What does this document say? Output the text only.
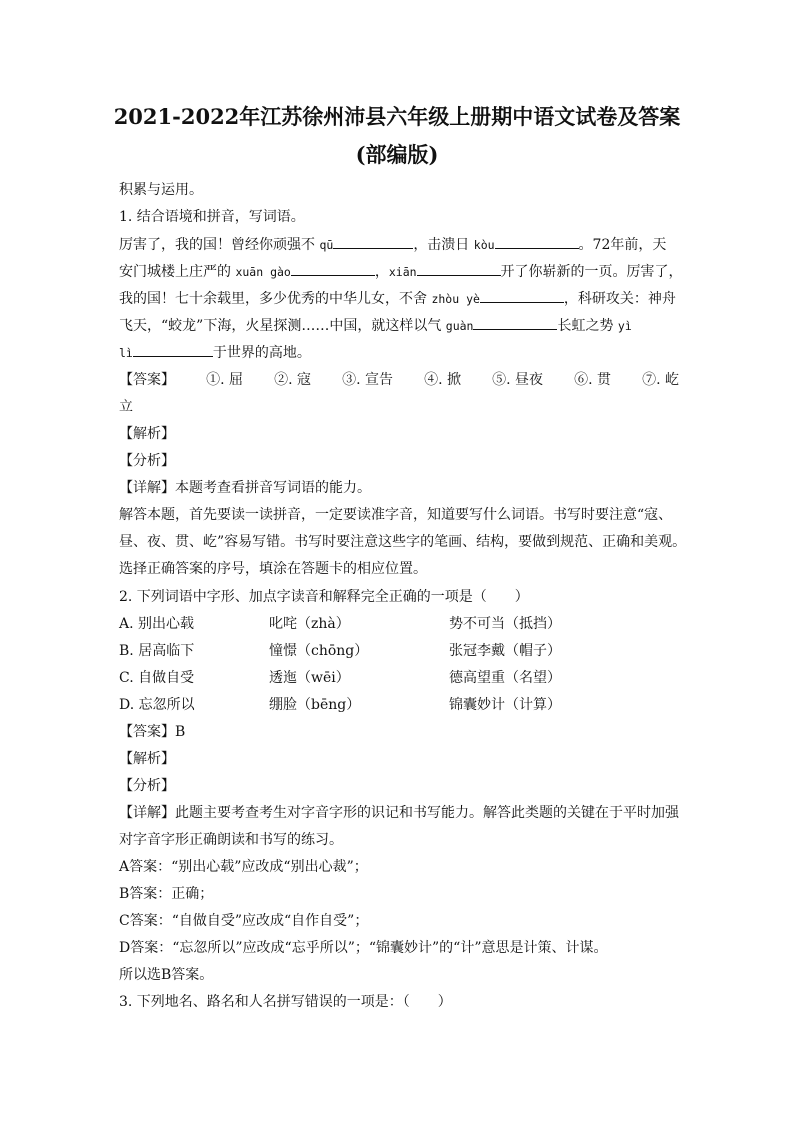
2021-2022年江苏徐州沛县六年级上册期中语文试卷及答案
(部编版)
积累与运用。
1. 结合语境和拼音，写词语。
厉害了，我的国！曾经你顽强不 qū	，击溃日 kòu	。72年前，天
安门城楼上庄严的 xuān gào	，xiān	开了你崭新的一页。厉害了，
我的国！七十余载里，多少优秀的中华儿女，不舍 zhòu yè	，科研攻关：神舟
飞天，“蛟龙”下海，火星探测……中国，就这样以气 guàn	长虹之势 yì
lì	于世界的高地。
【答案】 ①. 屈 ②. 寇 ③. 宣告 ④. 掀 ⑤. 昼夜 ⑥. 贯 ⑦. 屹
立
【解析】
【分析】
【详解】本题考查看拼音写词语的能力。
解答本题，首先要读一读拼音，一定要读准字音，知道要写什么词语。书写时要注意“寇、
昼、夜、贯、屹”容易写错。书写时要注意这些字的笔画、结构，要做到规范、正确和美观。
选择正确答案的序号，填涂在答题卡的相应位置。
2. 下列词语中字形、加点字读音和解释完全正确的一项是（　　）
A. 别出心载	叱咤（zhà）	势不可当（抵挡）
B. 居高临下	憧憬（chōng）	张冠李戴（帽子）
C. 自做自受	透迤（wēi）	德高望重（名望）
D. 忘忽所以	绷脸（bēng）	锦囊妙计（计算）
【答案】B
【解析】
【分析】
【详解】此题主要考查考生对字音字形的识记和书写能力。解答此类题的关键在于平时加强
对字音字形正确朗读和书写的练习。
A答案：“别出心载”应改成“别出心裁”；
B答案：正确；
C答案：“自做自受”应改成“自作自受”；
D答案：“忘忽所以”应改成“忘乎所以”；“锦囊妙计”的“计”意思是计策、计谋。
所以选B答案。
3. 下列地名、路名和人名拼写错误的一项是：（　　）
